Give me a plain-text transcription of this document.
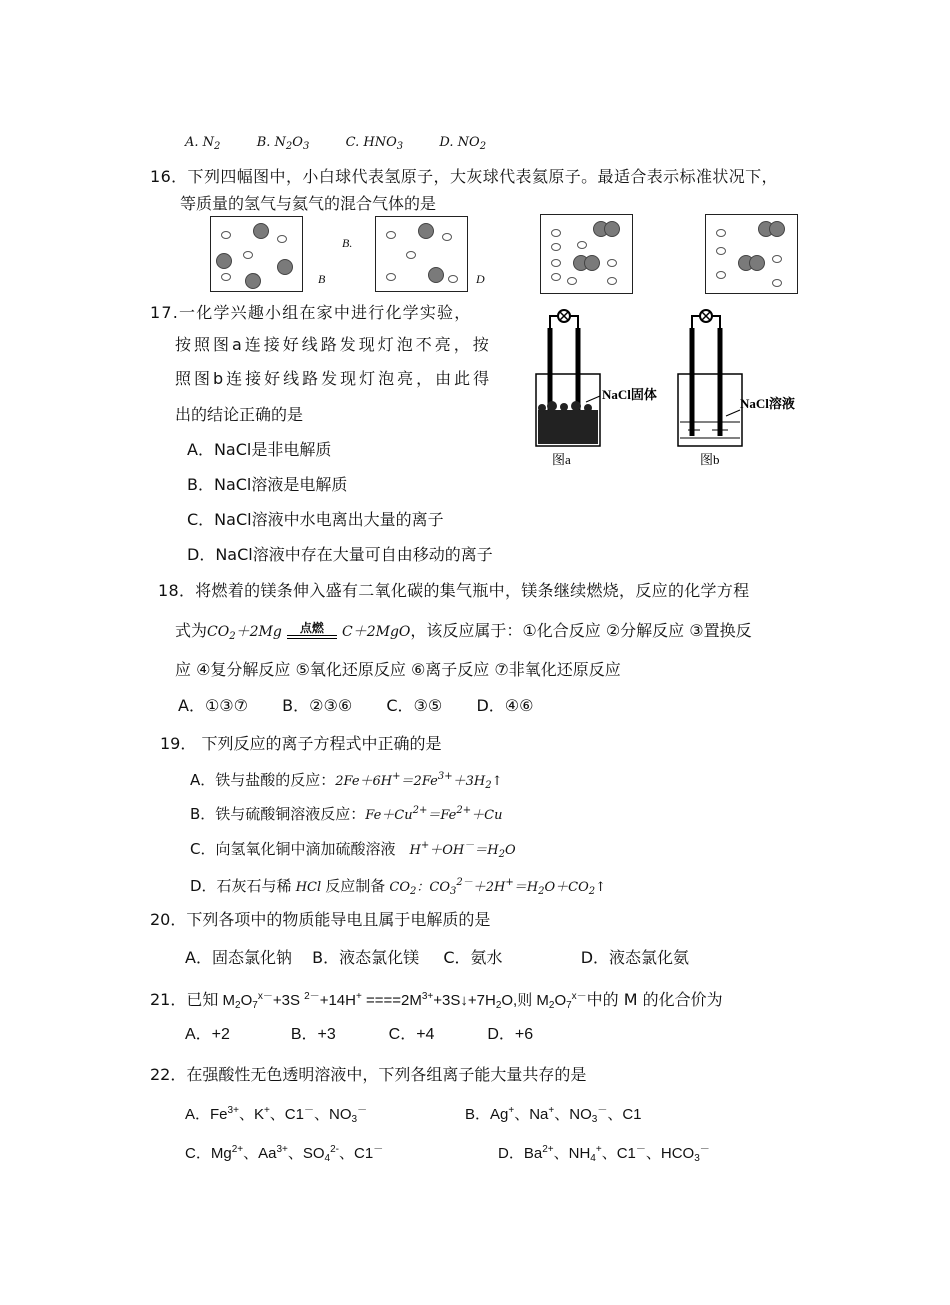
A. $N_2$	B. $N_2O_3$	C. $HNO_3$	D. $NO_2$
16．下列四幅图中，小白球代表氢原子，大灰球代表氦原子。最适合表示标准状况下，
等质量的氢气与氦气的混合气体的是
B.
B	D
17.一化学兴趣小组在家中进行化学实验，
按照图a连接好线路发现灯泡不亮，按
照图b连接好线路发现灯泡亮，由此得
出的结论正确的是
A．NaCl是非电解质
B．NaCl溶液是电解质
C．NaCl溶液中水电离出大量的离子
D．NaCl溶液中存在大量可自由移动的离子
NaCl固体
图a
NaCl溶液
图b
18．将燃着的镁条伸入盛有二氧化碳的集气瓶中，镁条继续燃烧，反应的化学方程
式为$CO_2+2Mg$	点燃	C＋2MgO，该反应属于：①化合反应 ②分解反应 ③置换反
应 ④复分解反应 ⑤氧化还原反应 ⑥离子反应 ⑦非氧化还原反应
A．①③⑦ B．②③⑥ C．③⑤ D．④⑥
19． 下列反应的离子方程式中正确的是
A．铁与盐酸的反应：$2Fe+6H^+=2Fe^{3+}+3H_2↑$
B．铁与硫酸铜溶液反应：$Fe+Cu^{2+}=Fe^{2+}+Cu$
C．向氢氧化铜中滴加硫酸溶液 $H^++OH^-=H_2O$
D．石灰石与稀 HCl 反应制备 $CO_2$：$CO_3^{2-}+2H^+=H_2O+CO_2↑$
20．下列各项中的物质能导电且属于电解质的是
A．固态氯化钠 B．液态氯化镁 C．氨水	D．液态氯化氨
21．已知 $M_2O_7^{x-}+3S$ $^{2-}+14H^+ ====2M^{3+}+3S↓+7H_2O$,则 $M_2O_7^{x-}$中的 M 的化合价为
A．+2	B．+3	C．+4	D．+6
22．在强酸性无色透明溶液中，下列各组离子能大量共存的是
A．$Fe^{3+}$、K+、C1－、$NO_3^-$	B．Ag+、Na+、$NO_3^-$、C1
C．$Mg^{2+}$、$Aa^{3+}$、$SO_4^{2-}$、C1－	D．$Ba^{2+}$、$NH_4^+$、C1－、$HCO_3^-$
